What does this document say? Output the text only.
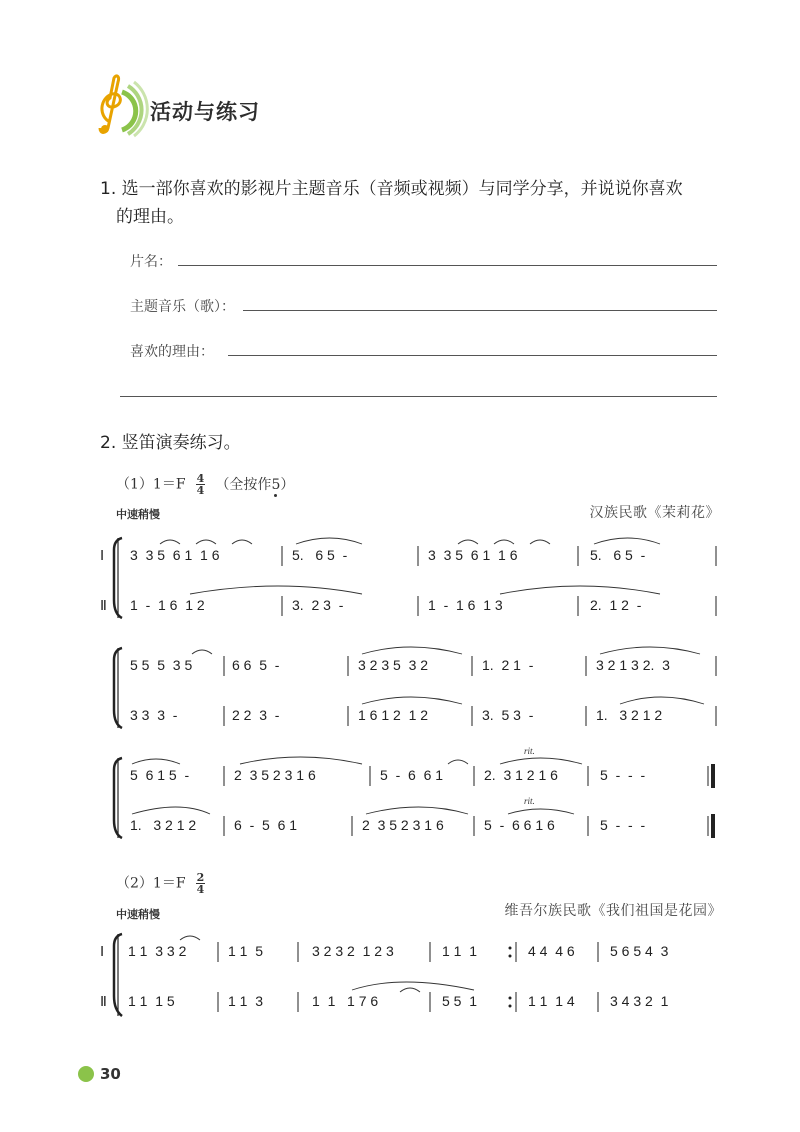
活动与练习
1. 选一部你喜欢的影视片主题音乐（音频或视频）与同学分享，并说说你喜欢
的理由。
片名：
主题音乐（歌）：
喜欢的理由：
2. 竖笛演奏练习。
$(1)1=F \frac{4}{4}$ （全按作5）
中速稍慢	汉族民歌《茉莉花》
Ⅰ
Ⅱ
3  3 5  6 1  1 6	5.   6 5  -	3  3 5  6 1  1 6	5.   6 5  -
1  -  1 6  1 2	3.  2 3  -	1  -  1 6  1 3	2.  1 2  -
5 5  5  3 5	6 6  5  -	3 2 3 5  3 2	1.  2 1  -	3 2 1 3 2.  3
3 3  3  -	2 2  3  -	1 6 1 2  1 2	3.  5 3  -	1.   3 2 1 2
rit.
rit.
5  6 1 5  -	2  3 5 2 3 1 6	5  -  6  6 1	2.  3 1 2 1 6	5  -  -  -
1.   3 2 1 2	6  -  5  6 1	2  3 5 2 3 1 6	5  -  6 6 1 6	5  -  -  -
$(2)1=F \frac{2}{4}$
中速稍慢	维吾尔族民歌《我们祖国是花园》
Ⅰ
Ⅱ
1 1  3 3 2	1 1  5	3 2 3 2  1 2 3	1 1  1	4 4  4 6	5 6 5 4  3
1 1  1 5	1 1  3	1  1   1 7 6	5 5  1	1 1  1 4	3 4 3 2  1
30
